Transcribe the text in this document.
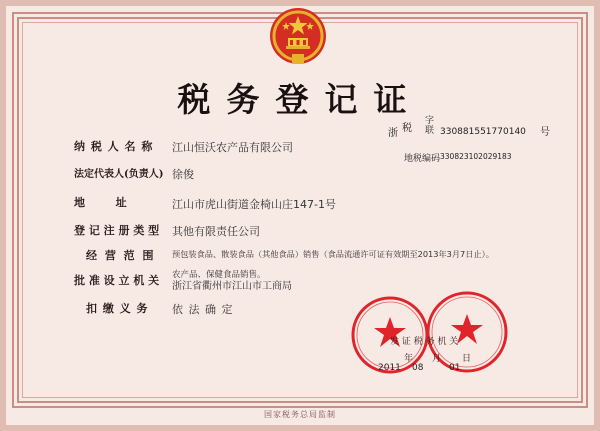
税务登记证
浙 税
字
联 330881551770140 号
地税编码 330823102029183
纳 税 人 名 称 江山恒沃农产品有限公司
法定代表人(负责人) 徐俊
地        址	江山市虎山街道金椅山庄147-1号
登 记 注 册 类 型 其他有限责任公司
经 营 范 围 预包装食品、散装食品（其他食品）销售（食品流通许可证有效期至2013年3月7日止）。
农产品、保健食品销售。
批 准 设 立 机 关 浙江省衢州市江山市工商局
扣 缴 义 务 依 法 确 定
发 证 税 务 机 关
2011
年
08
月
01
日
国家税务总局监制
